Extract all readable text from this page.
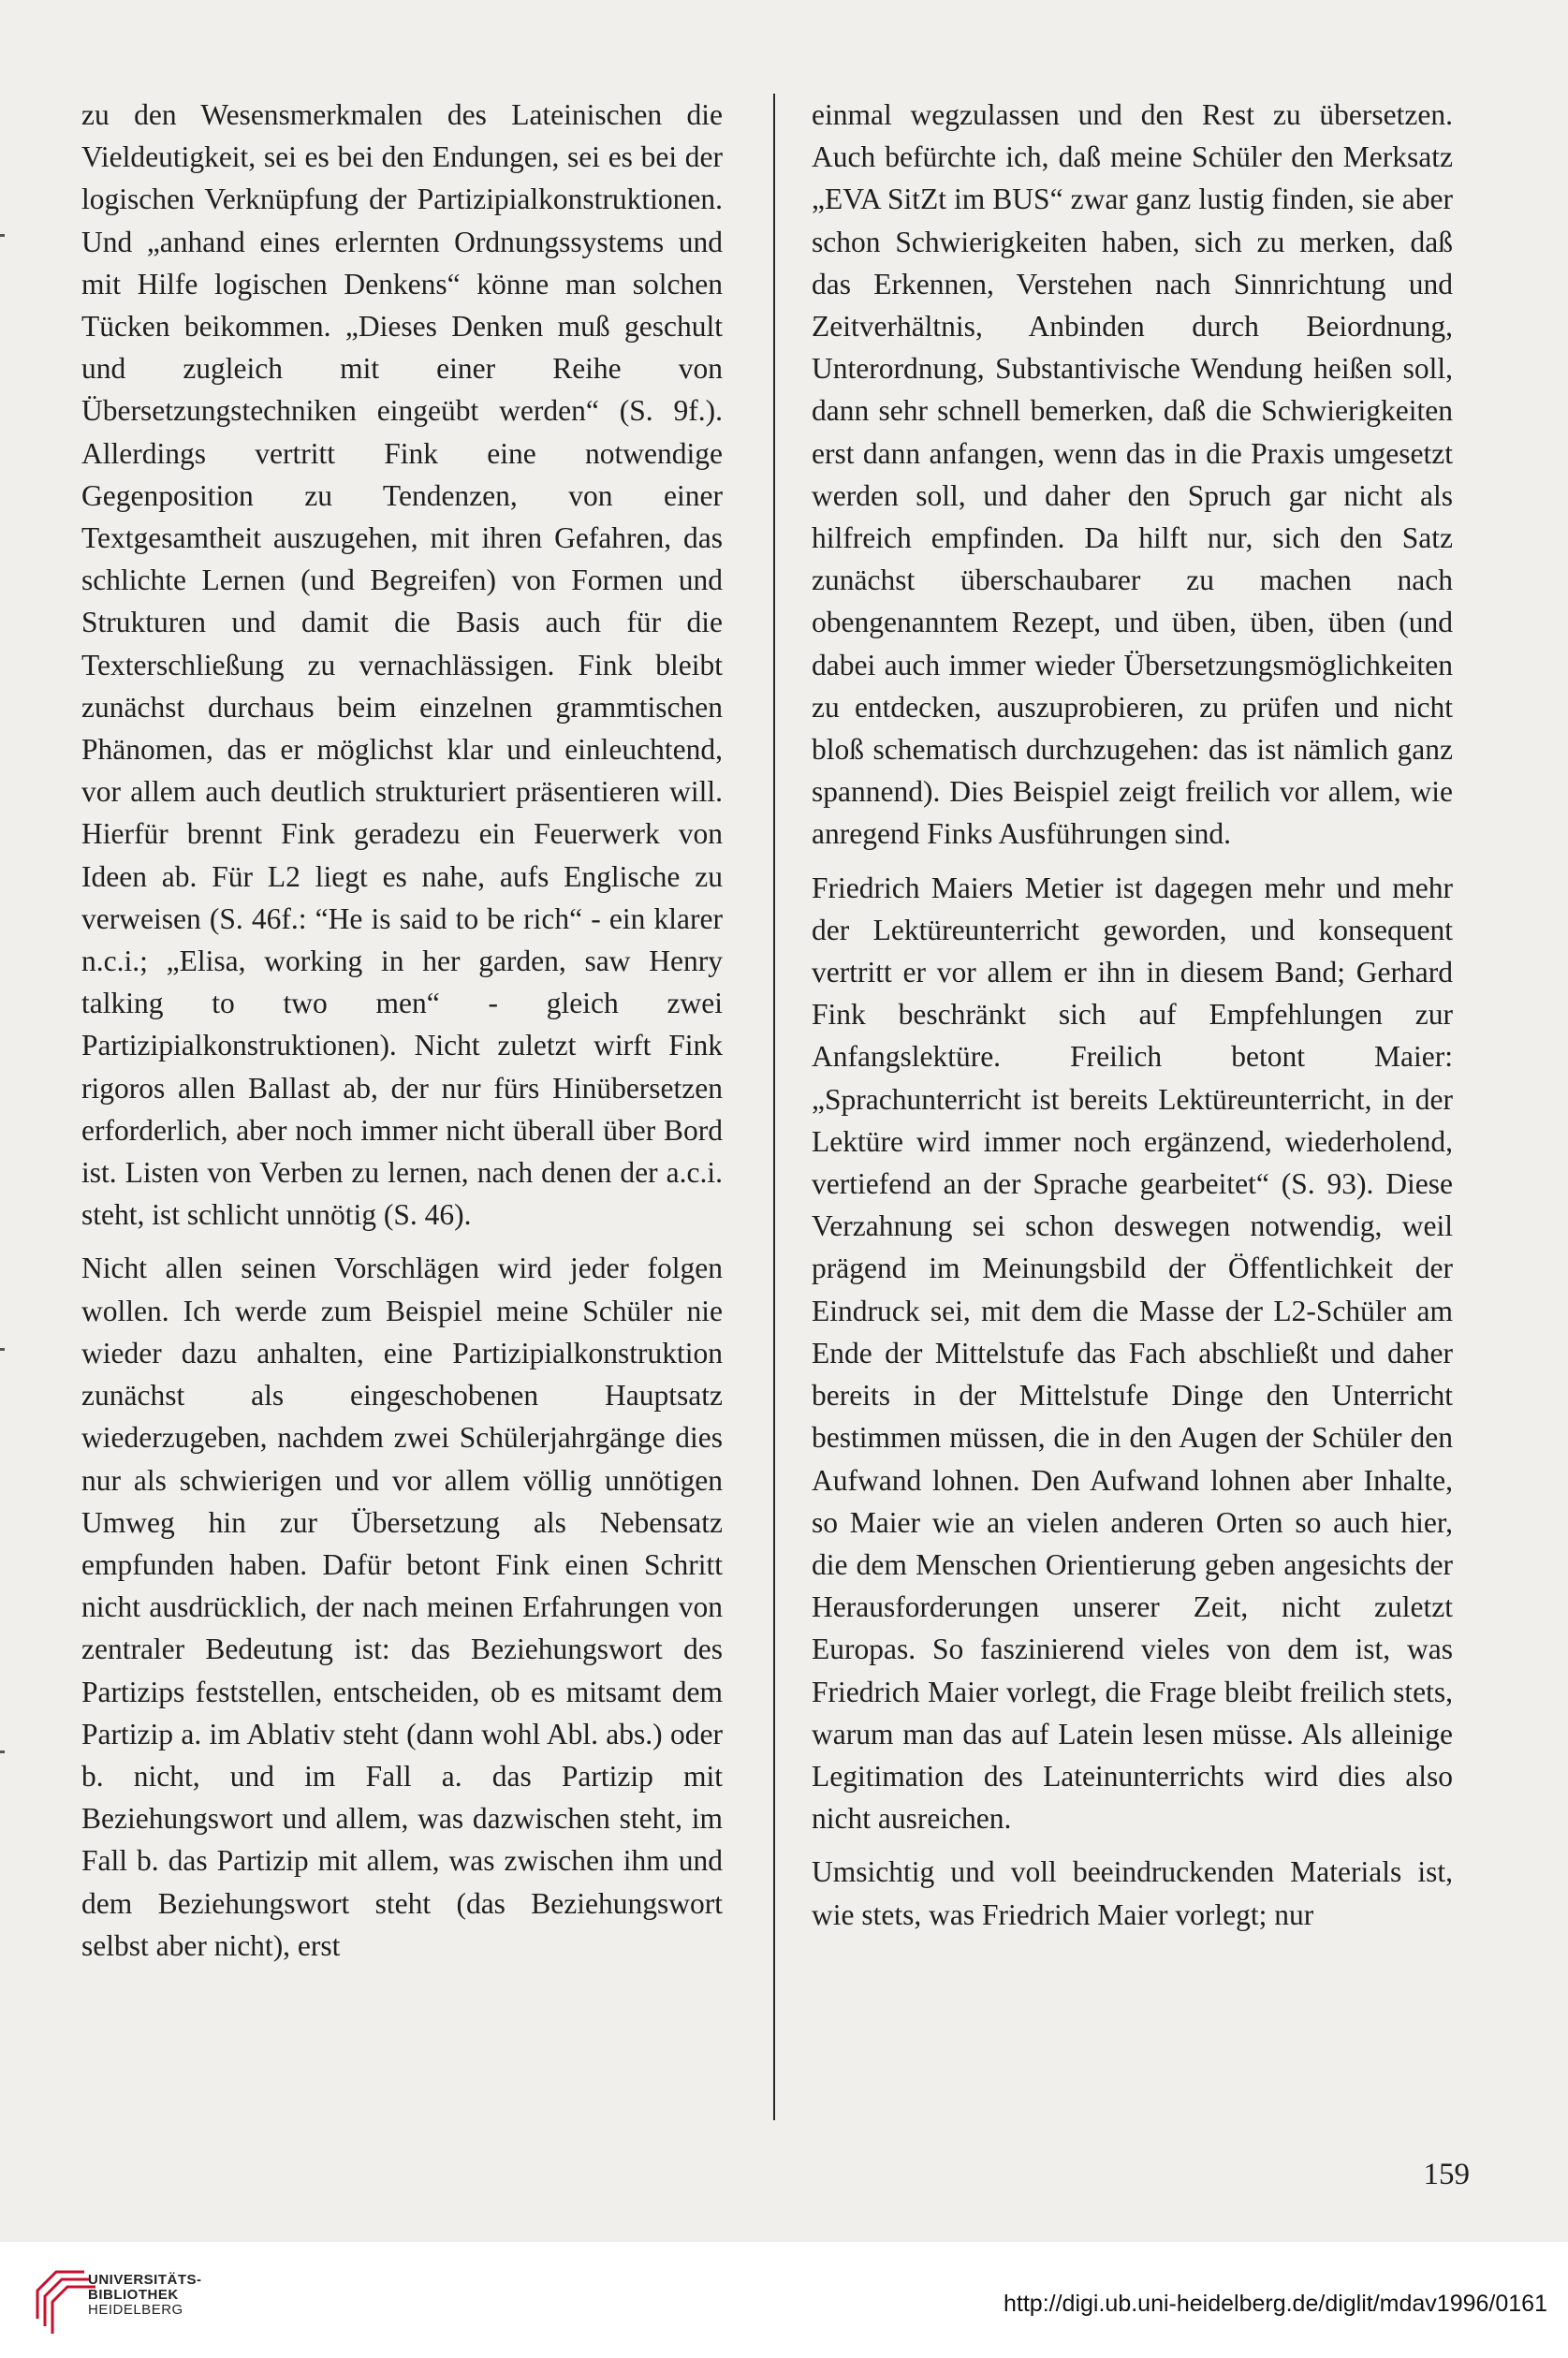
zu den Wesensmerkmalen des Lateinischen die Vieldeutigkeit, sei es bei den Endungen, sei es bei der logischen Verknüpfung der Partizipialkonstruktionen. Und „anhand eines erlernten Ordnungssystems und mit Hilfe logischen Denkens“ könne man solchen Tücken beikommen. „Dieses Denken muß geschult und zugleich mit einer Reihe von Übersetzungstechniken eingeübt werden“ (S. 9f.). Allerdings vertritt Fink eine notwendige Gegenposition zu Tendenzen, von einer Textgesamtheit auszugehen, mit ihren Gefahren, das schlichte Lernen (und Begreifen) von Formen und Strukturen und damit die Basis auch für die Texterschließung zu vernachlässigen. Fink bleibt zunächst durchaus beim einzelnen grammtischen Phänomen, das er möglichst klar und einleuchtend, vor allem auch deutlich strukturiert präsentieren will. Hierfür brennt Fink geradezu ein Feuerwerk von Ideen ab. Für L2 liegt es nahe, aufs Englische zu verweisen (S. 46f.: “He is said to be rich“ - ein klarer n.c.i.; „Elisa, working in her garden, saw Henry talking to two men“ - gleich zwei Partizipialkonstruktionen). Nicht zuletzt wirft Fink rigoros allen Ballast ab, der nur fürs Hinübersetzen erforderlich, aber noch immer nicht überall über Bord ist. Listen von Verben zu lernen, nach denen der a.c.i. steht, ist schlicht unnötig (S. 46).

Nicht allen seinen Vorschlägen wird jeder folgen wollen. Ich werde zum Beispiel meine Schüler nie wieder dazu anhalten, eine Partizipialkonstruktion zunächst als eingeschobenen Hauptsatz wiederzugeben, nachdem zwei Schülerjahrgänge dies nur als schwierigen und vor allem völlig unnötigen Umweg hin zur Übersetzung als Nebensatz empfunden haben. Dafür betont Fink einen Schritt nicht ausdrücklich, der nach meinen Erfahrungen von zentraler Bedeutung ist: das Beziehungswort des Partizips feststellen, entscheiden, ob es mitsamt dem Partizip a. im Ablativ steht (dann wohl Abl. abs.) oder b. nicht, und im Fall a. das Partizip mit Beziehungswort und allem, was dazwischen steht, im Fall b. das Partizip mit allem, was zwischen ihm und dem Beziehungswort steht (das Beziehungswort selbst aber nicht), erst

einmal wegzulassen und den Rest zu übersetzen. Auch befürchte ich, daß meine Schüler den Merksatz „EVA SitZt im BUS“ zwar ganz lustig finden, sie aber schon Schwierigkeiten haben, sich zu merken, daß das Erkennen, Verstehen nach Sinnrichtung und Zeitverhältnis, Anbinden durch Beiordnung, Unterordnung, Substantivische Wendung heißen soll, dann sehr schnell bemerken, daß die Schwierigkeiten erst dann anfangen, wenn das in die Praxis umgesetzt werden soll, und daher den Spruch gar nicht als hilfreich empfinden. Da hilft nur, sich den Satz zunächst überschaubarer zu machen nach obengenanntem Rezept, und üben, üben, üben (und dabei auch immer wieder Übersetzungsmöglichkeiten zu entdecken, auszuprobieren, zu prüfen und nicht bloß schematisch durchzugehen: das ist nämlich ganz spannend). Dies Beispiel zeigt freilich vor allem, wie anregend Finks Ausführungen sind.

Friedrich Maiers Metier ist dagegen mehr und mehr der Lektüreunterricht geworden, und konsequent vertritt er vor allem er ihn in diesem Band; Gerhard Fink beschränkt sich auf Empfehlungen zur Anfangslektüre. Freilich betont Maier: „Sprachunterricht ist bereits Lektüreunterricht, in der Lektüre wird immer noch ergänzend, wiederholend, vertiefend an der Sprache gearbeitet“ (S. 93). Diese Verzahnung sei schon deswegen notwendig, weil prägend im Meinungsbild der Öffentlichkeit der Eindruck sei, mit dem die Masse der L2-Schüler am Ende der Mittelstufe das Fach abschließt und daher bereits in der Mittelstufe Dinge den Unterricht bestimmen müssen, die in den Augen der Schüler den Aufwand lohnen. Den Aufwand lohnen aber Inhalte, so Maier wie an vielen anderen Orten so auch hier, die dem Menschen Orientierung geben angesichts der Herausforderungen unserer Zeit, nicht zuletzt Europas. So faszinierend vieles von dem ist, was Friedrich Maier vorlegt, die Frage bleibt freilich stets, warum man das auf Latein lesen müsse. Als alleinige Legitimation des Lateinunterrichts wird dies also nicht ausreichen.

Umsichtig und voll beeindruckenden Materials ist, wie stets, was Friedrich Maier vorlegt; nur

159
UNIVERSITÄTS-
BIBLIOTHEK
HEIDELBERG	http://digi.ub.uni-heidelberg.de/diglit/mdav1996/0161
